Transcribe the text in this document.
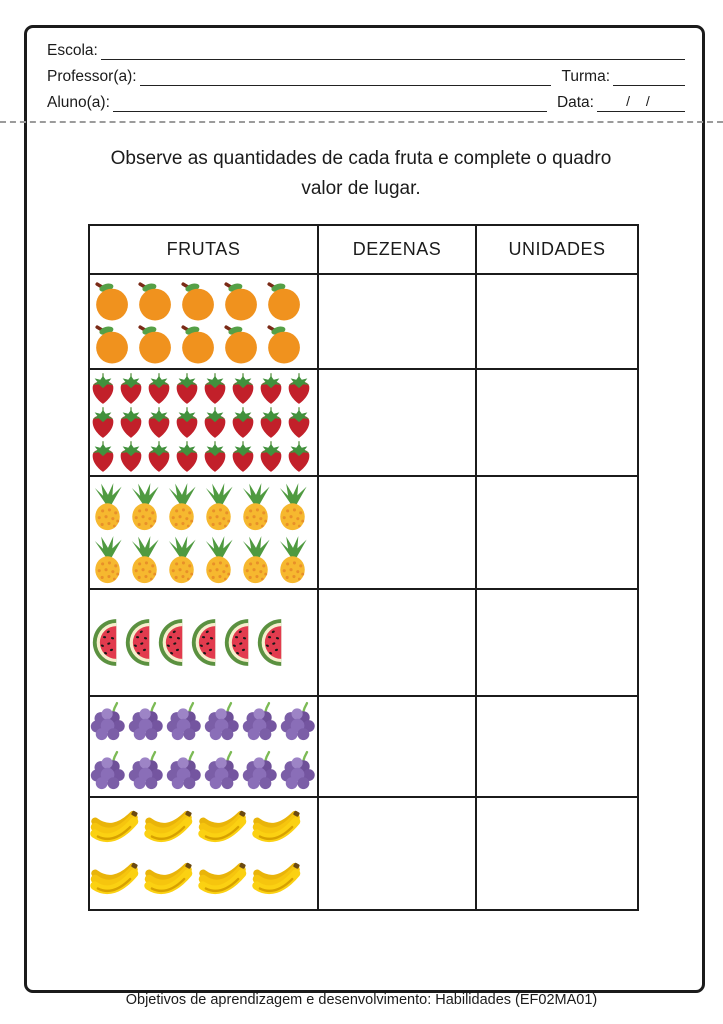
Escola:
Professor(a):	Turma:
Aluno(a):	Data:	/ /
Observe as quantidades de cada fruta e complete o quadro
valor de lugar.
FRUTAS	DEZENAS	UNIDADES

Objetivos de aprendizagem e desenvolvimento: Habilidades (EF02MA01)
